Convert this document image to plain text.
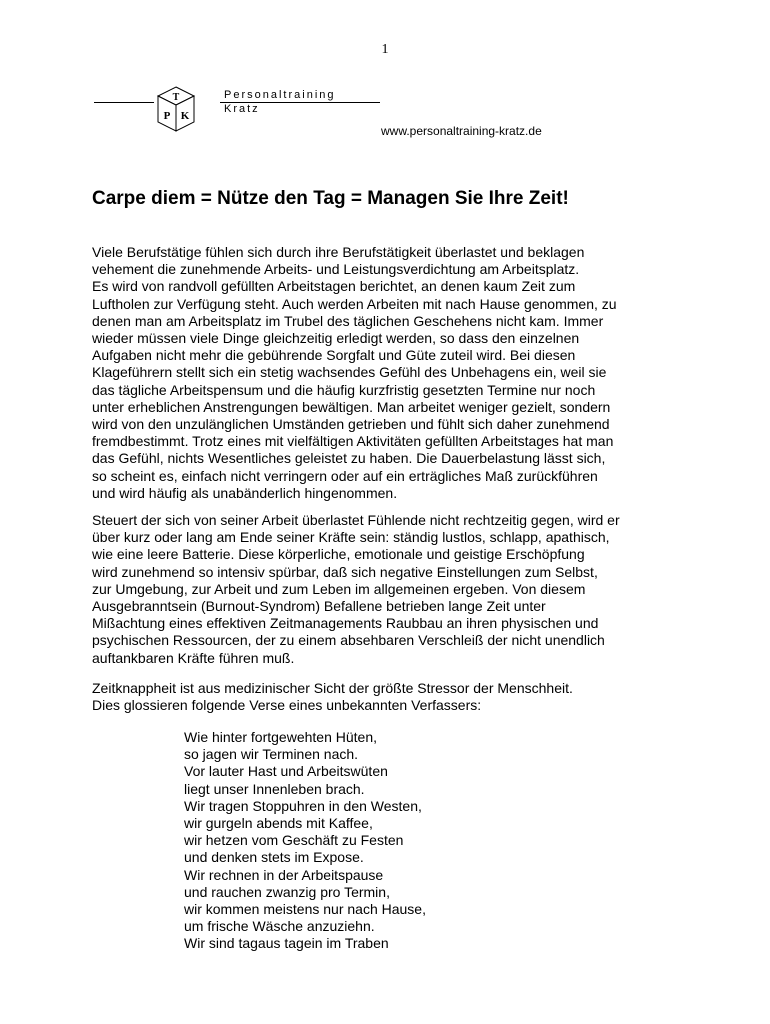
1
T
P K
Personaltraining
Kratz
www.personaltraining-kratz.de
Carpe diem = Nütze den Tag = Managen Sie Ihre Zeit!
Viele Berufstätige fühlen sich durch ihre Berufstätigkeit überlastet und beklagen
vehement die zunehmende Arbeits- und Leistungsverdichtung am Arbeitsplatz.
Es wird von randvoll gefüllten Arbeitstagen berichtet, an denen kaum Zeit zum
Luftholen zur Verfügung steht. Auch werden Arbeiten mit nach Hause genommen, zu
denen man am Arbeitsplatz im Trubel des täglichen Geschehens nicht kam. Immer
wieder müssen viele Dinge gleichzeitig erledigt werden, so dass den einzelnen
Aufgaben nicht mehr die gebührende Sorgfalt und Güte zuteil wird. Bei diesen
Klageführern stellt sich ein stetig wachsendes Gefühl des Unbehagens ein, weil sie
das tägliche Arbeitspensum und die häufig kurzfristig gesetzten Termine nur noch
unter erheblichen Anstrengungen bewältigen. Man arbeitet weniger gezielt, sondern
wird von den unzulänglichen Umständen getrieben und fühlt sich daher zunehmend
fremdbestimmt. Trotz eines mit vielfältigen Aktivitäten gefüllten Arbeitstages hat man
das Gefühl, nichts Wesentliches geleistet zu haben. Die Dauerbelastung lässt sich,
so scheint es, einfach nicht verringern oder auf ein erträgliches Maß zurückführen
und wird häufig als unabänderlich hingenommen.
Steuert der sich von seiner Arbeit überlastet Fühlende nicht rechtzeitig gegen, wird er
über kurz oder lang am Ende seiner Kräfte sein: ständig lustlos, schlapp, apathisch,
wie eine leere Batterie. Diese körperliche, emotionale und geistige Erschöpfung
wird zunehmend so intensiv spürbar, daß sich negative Einstellungen zum Selbst,
zur Umgebung, zur Arbeit und zum Leben im allgemeinen ergeben. Von diesem
Ausgebranntsein (Burnout-Syndrom) Befallene betrieben lange Zeit unter
Mißachtung eines effektiven Zeitmanagements Raubbau an ihren physischen und
psychischen Ressourcen, der zu einem absehbaren Verschleiß der nicht unendlich
auftankbaren Kräfte führen muß.
Zeitknappheit ist aus medizinischer Sicht der größte Stressor der Menschheit.
Dies glossieren folgende Verse eines unbekannten Verfassers:
Wie hinter fortgewehten Hüten,
so jagen wir Terminen nach.
Vor lauter Hast und Arbeitswüten
liegt unser Innenleben brach.
Wir tragen Stoppuhren in den Westen,
wir gurgeln abends mit Kaffee,
wir hetzen vom Geschäft zu Festen
und denken stets im Expose.
Wir rechnen in der Arbeitspause
und rauchen zwanzig pro Termin,
wir kommen meistens nur nach Hause,
um frische Wäsche anzuziehn.
Wir sind tagaus tagein im Traben
